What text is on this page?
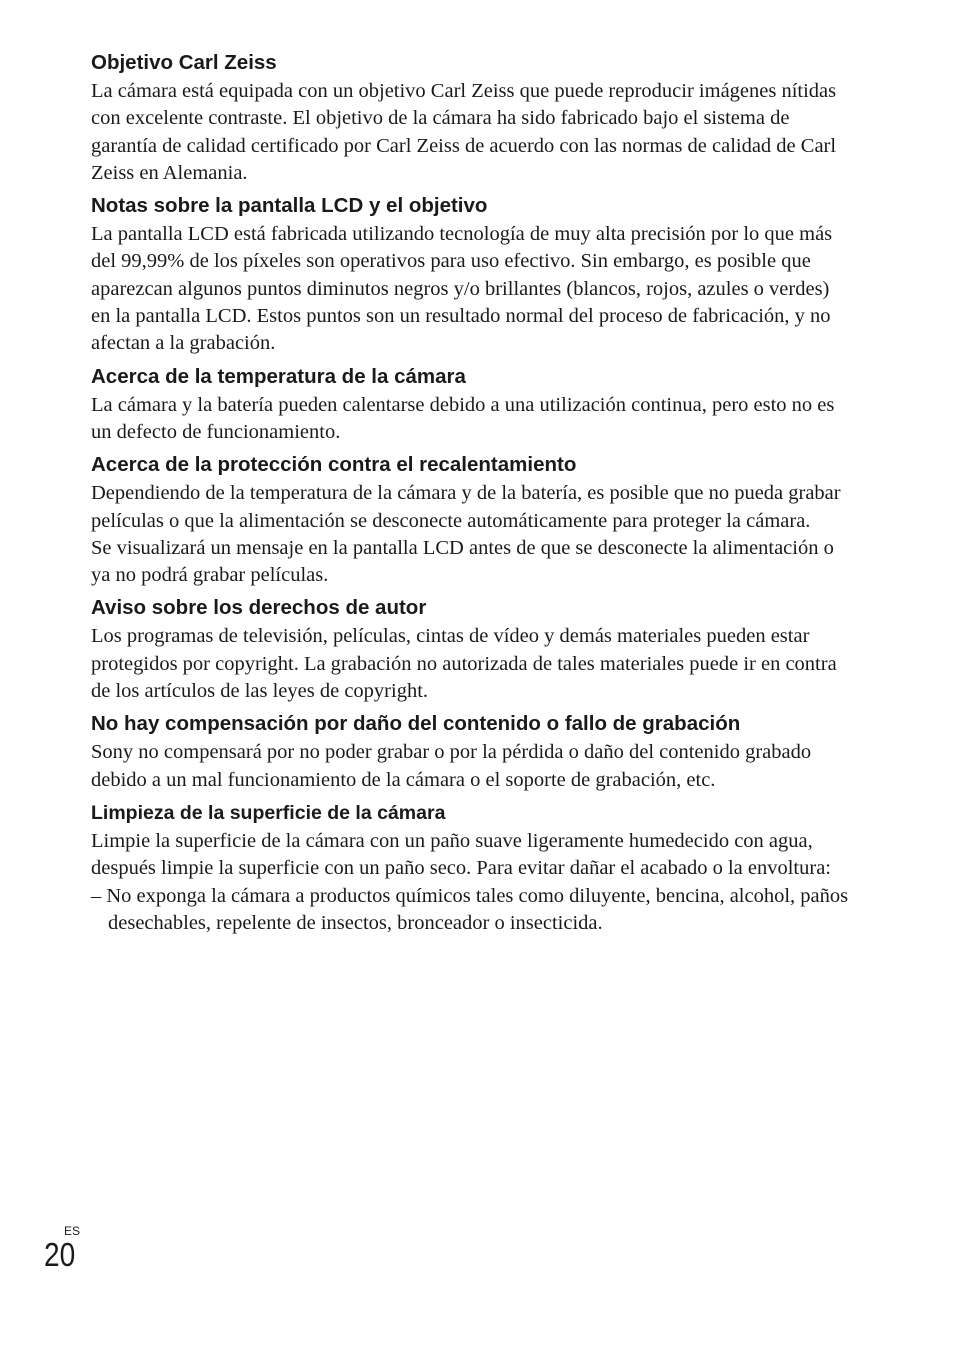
Objetivo Carl Zeiss

La cámara está equipada con un objetivo Carl Zeiss que puede reproducir imágenes nítidas con excelente contraste. El objetivo de la cámara ha sido fabricado bajo el sistema de garantía de calidad certificado por Carl Zeiss de acuerdo con las normas de calidad de Carl Zeiss en Alemania.

Notas sobre la pantalla LCD y el objetivo

La pantalla LCD está fabricada utilizando tecnología de muy alta precisión por lo que más del 99,99% de los píxeles son operativos para uso efectivo. Sin embargo, es posible que aparezcan algunos puntos diminutos negros y/o brillantes (blancos, rojos, azules o verdes) en la pantalla LCD. Estos puntos son un resultado normal del proceso de fabricación, y no afectan a la grabación.

Acerca de la temperatura de la cámara

La cámara y la batería pueden calentarse debido a una utilización continua, pero esto no es un defecto de funcionamiento.

Acerca de la protección contra el recalentamiento

Dependiendo de la temperatura de la cámara y de la batería, es posible que no pueda grabar películas o que la alimentación se desconecte automáticamente para proteger la cámara.

Se visualizará un mensaje en la pantalla LCD antes de que se desconecte la alimentación o ya no podrá grabar películas.

Aviso sobre los derechos de autor

Los programas de televisión, películas, cintas de vídeo y demás materiales pueden estar protegidos por copyright. La grabación no autorizada de tales materiales puede ir en contra de los artículos de las leyes de copyright.

No hay compensación por daño del contenido o fallo de grabación

Sony no compensará por no poder grabar o por la pérdida o daño del contenido grabado debido a un mal funcionamiento de la cámara o el soporte de grabación, etc.

Limpieza de la superficie de la cámara

Limpie la superficie de la cámara con un paño suave ligeramente humedecido con agua, después limpie la superficie con un paño seco. Para evitar dañar el acabado o la envoltura:

– No exponga la cámara a productos químicos tales como diluyente, bencina, alcohol, paños desechables, repelente de insectos, bronceador o insecticida.

ES
20
